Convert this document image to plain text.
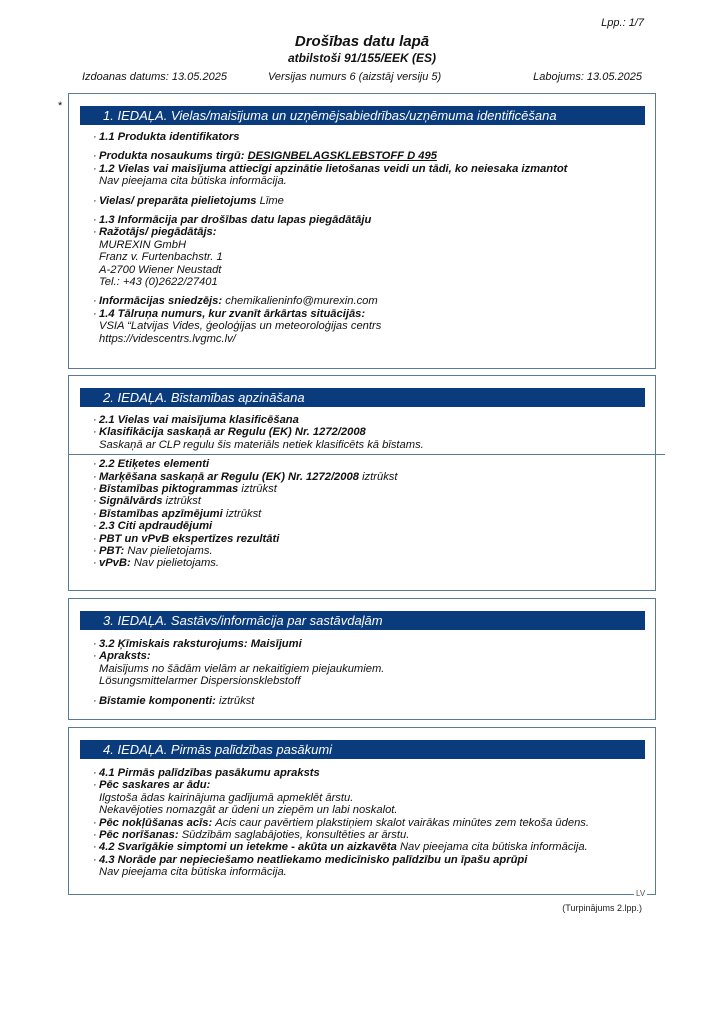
Lpp.: 1/7
Drošības datu lapā
atbilstoši 91/155/EEK (ES)
Izdoanas datums: 13.05.2025	Versijas numurs 6 (aizstāj versiju 5)	Labojums: 13.05.2025
*
1. IEDAĻA. Vielas/maisījuma un uzņēmējsabiedrības/uzņēmuma identificēšana
· 1.1 Produkta identifikators
· Produkta nosaukums tirgū: DESIGNBELAGSKLEBSTOFF D 495
· 1.2 Vielas vai maisījuma attiecīgi apzinātie lietošanas veidi un tādi, ko neiesaka izmantot
Nav pieejama cita būtiska informācija.
· Vielas/ preparāta pielietojums Līme
· 1.3 Informācija par drošības datu lapas piegādātāju
· Ražotājs/ piegādātājs:
MUREXIN GmbH
Franz v. Furtenbachstr. 1
A-2700 Wiener Neustadt
Tel.: +43 (0)2622/27401
· Informācijas sniedzējs: chemikalieninfo@murexin.com
· 1.4 Tālruņa numurs, kur zvanīt ārkārtas situācijās:
VSIA “Latvijas Vides, ģeoloģijas un meteoroloģijas centrs
https://videscentrs.lvgmc.lv/
2. IEDAĻA. Bīstamības apzināšana
· 2.1 Vielas vai maisījuma klasificēšana
· Klasifikācija saskaņā ar Regulu (EK) Nr. 1272/2008
Saskaņā ar CLP regulu šis materiāls netiek klasificēts kā bīstams.
· 2.2 Etiķetes elementi
· Marķēšana saskaņā ar Regulu (EK) Nr. 1272/2008 iztrūkst
· Bīstamības piktogrammas iztrūkst
· Signālvārds iztrūkst
· Bīstamības apzīmējumi iztrūkst
· 2.3 Citi apdraudējumi
· PBT un vPvB ekspertīzes rezultāti
· PBT: Nav pielietojams.
· vPvB: Nav pielietojams.
3. IEDAĻA. Sastāvs/informācija par sastāvdaļām
· 3.2 Ķīmiskais raksturojums: Maisījumi
· Apraksts:
Maisījums no šādām vielām ar nekaitīgiem piejaukumiem.
Lösungsmittelarmer Dispersionsklebstoff
· Bīstamie komponenti: iztrūkst
4. IEDAĻA. Pirmās palīdzības pasākumi
· 4.1 Pirmās palīdzības pasākumu apraksts
· Pēc saskares ar ādu:
Ilgstoša ādas kairinājuma gadījumā apmeklēt ārstu.
Nekavējoties nomazgāt ar ūdeni un ziepēm un labi noskalot.
· Pēc nokļūšanas acīs: Acis caur pavērtiem plakstiņiem skalot vairākas minūtes zem tekoša ūdens.
· Pēc norīšanas: Sūdzībām saglabājoties, konsultēties ar ārstu.
· 4.2 Svarīgākie simptomi un ietekme - akūta un aizkavēta Nav pieejama cita būtiska informācija.
· 4.3 Norāde par nepieciešamo neatliekamo medicīnisko palīdzību un īpašu aprūpi
Nav pieejama cita būtiska informācija.
LV
(Turpinājums 2.lpp.)
